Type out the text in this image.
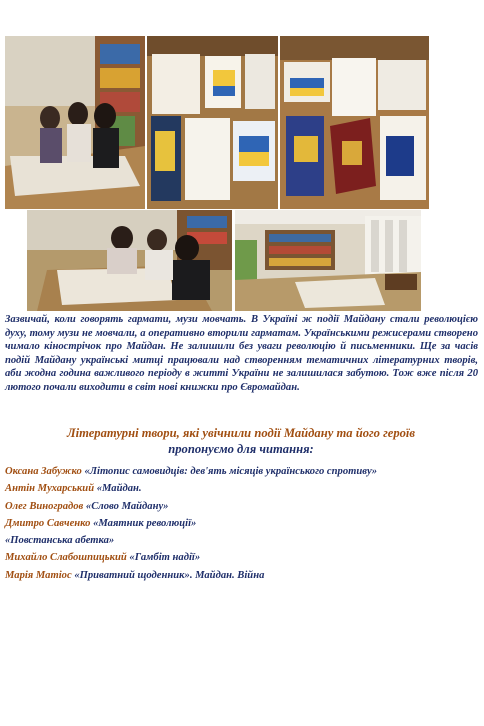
Зазвичай, коли говорять гармати, музи мовчать. В Україні ж події Майдану стали революцією духу, тому музи не мовчали, а оперативно вторили гарматам. Українськими режисерами створено чимало кінострічок про Майдан. Не залишили без уваги революцію й письменники. Ще за часів подій Майдану українські митці працювали над створенням тематичних літературних творів, аби жодна година важливого періоду в житті України не залишилася забутою. Тож вже після 20 лютого почали виходити в світ нові книжки про Євромайдан.

Літературні твори, які увічнили події Майдану та його героїв
пропонуємо для читання:
Оксана Забужко «Літопис самовидців: дев'ять місяців українського спротиву»
Антін Мухарський «Майдан.
Олег Виноградов «Слово Майдану»
Дмитро Савченко «Маятник революції»
«Повстанська абетка»
Михайло Слабошпицький «Гамбіт надії»
Марія Матіос «Приватний щоденник». Майдан. Війна
